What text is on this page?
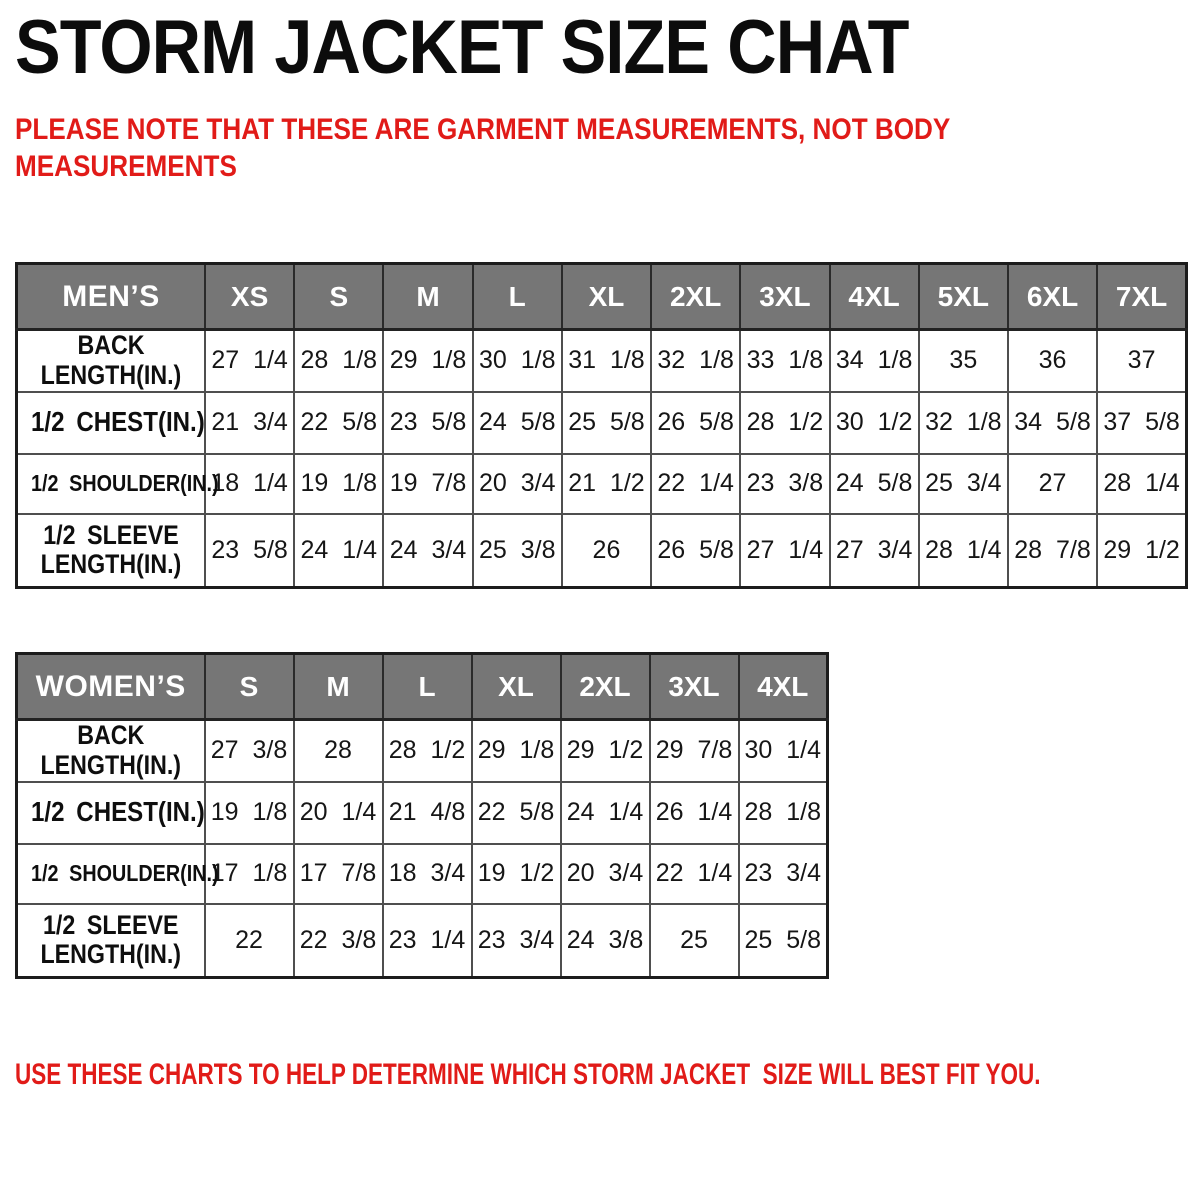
STORM JACKET SIZE CHAT
PLEASE NOTE THAT THESE ARE GARMENT MEASUREMENTS, NOT BODY
MEASUREMENTS
MEN’S	XS	S	M	L	XL	2XL	3XL	4XL	5XL	6XL	7XL

BACK
LENGTH(IN.)	27 1/4	28 1/8	29 1/8	30 1/8	31 1/8	32 1/8	33 1/8	34 1/8	35	36	37

1/2 CHEST(IN.)	21 3/4	22 5/8	23 5/8	24 5/8	25 5/8	26 5/8	28 1/2	30 1/2	32 1/8	34 5/8	37 5/8

1/2 SHOULDER(IN.)	18 1/4	19 1/8	19 7/8	20 3/4	21 1/2	22 1/4	23 3/8	24 5/8	25 3/4	27	28 1/4

1/2 SLEEVE
LENGTH(IN.)	23 5/8	24 1/4	24 3/4	25 3/8	26	26 5/8	27 1/4	27 3/4	28 1/4	28 7/8	29 1/2
WOMEN’S	S	M	L	XL	2XL	3XL	4XL

BACK
LENGTH(IN.)	27 3/8	28	28 1/2	29 1/8	29 1/2	29 7/8	30 1/4

1/2 CHEST(IN.)	19 1/8	20 1/4	21 4/8	22 5/8	24 1/4	26 1/4	28 1/8

1/2 SHOULDER(IN.)	17 1/8	17 7/8	18 3/4	19 1/2	20 3/4	22 1/4	23 3/4

1/2 SLEEVE
LENGTH(IN.)	22	22 3/8	23 1/4	23 3/4	24 3/8	25	25 5/8
USE THESE CHARTS TO HELP DETERMINE WHICH STORM JACKET  SIZE WILL BEST FIT YOU.
